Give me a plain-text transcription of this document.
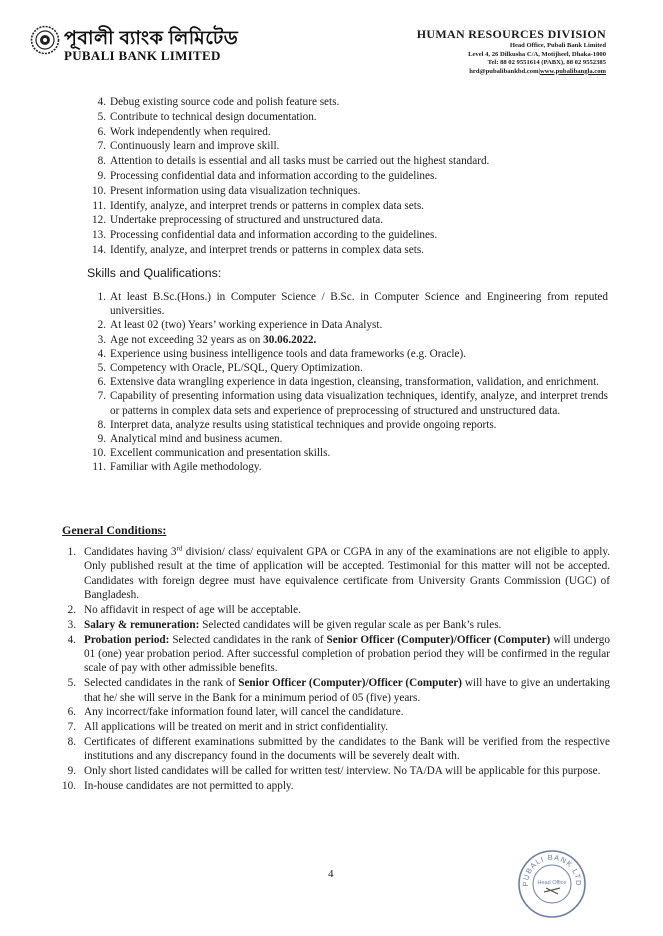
পূবালী ব্যাংক লিমিটেড
PUBALI BANK LIMITED
HUMAN RESOURCES DIVISION
Head Office, Pubali Bank Limited
Level 4, 26 Dilkusha C/A, Motijheel, Dhaka-1000
Tel: 88 02 9551614 (PABX), 88 02 9552385
hrd@pubalibankbd.com|www.pubalibangla.com
4. Debug existing source code and polish feature sets.
5. Contribute to technical design documentation.
6. Work independently when required.
7. Continuously learn and improve skill.
8. Attention to details is essential and all tasks must be carried out the highest standard.
9. Processing confidential data and information according to the guidelines.
10. Present information using data visualization techniques.
11. Identify, analyze, and interpret trends or patterns in complex data sets.
12. Undertake preprocessing of structured and unstructured data.
13. Processing confidential data and information according to the guidelines.
14. Identify, analyze, and interpret trends or patterns in complex data sets.
Skills and Qualifications:
1. At least B.Sc.(Hons.) in Computer Science / B.Sc. in Computer Science and Engineering from reputed universities.
2. At least 02 (two) Years’ working experience in Data Analyst.
3. Age not exceeding 32 years as on 30.06.2022.
4. Experience using business intelligence tools and data frameworks (e.g. Oracle).
5. Competency with Oracle, PL/SQL, Query Optimization.
6. Extensive data wrangling experience in data ingestion, cleansing, transformation, validation, and enrichment.
7. Capability of presenting information using data visualization techniques, identify, analyze, and interpret trends or patterns in complex data sets and experience of preprocessing of structured and unstructured data.
8. Interpret data, analyze results using statistical techniques and provide ongoing reports.
9. Analytical mind and business acumen.
10. Excellent communication and presentation skills.
11. Familiar with Agile methodology.
General Conditions:
1. Candidates having 3rd division/ class/ equivalent GPA or CGPA in any of the examinations are not eligible to apply. Only published result at the time of application will be accepted. Testimonial for this matter will not be accepted. Candidates with foreign degree must have equivalence certificate from University Grants Commission (UGC) of Bangladesh.
2. No affidavit in respect of age will be acceptable.
3. Salary & remuneration: Selected candidates will be given regular scale as per Bank’s rules.
4. Probation period: Selected candidates in the rank of Senior Officer (Computer)/Officer (Computer) will undergo 01 (one) year probation period. After successful completion of probation period they will be confirmed in the regular scale of pay with other admissible benefits.
5. Selected candidates in the rank of Senior Officer (Computer)/Officer (Computer) will have to give an undertaking that he/ she will serve in the Bank for a minimum period of 05 (five) years.
6. Any incorrect/fake information found later, will cancel the candidature.
7. All applications will be treated on merit and in strict confidentiality.
8. Certificates of different examinations submitted by the candidates to the Bank will be verified from the respective institutions and any discrepancy found in the documents will be severely dealt with.
9. Only short listed candidates will be called for written test/ interview. No TA/DA will be applicable for this purpose.
10. In-house candidates are not permitted to apply.
4
PUBALI BANK LTD
Head Office
